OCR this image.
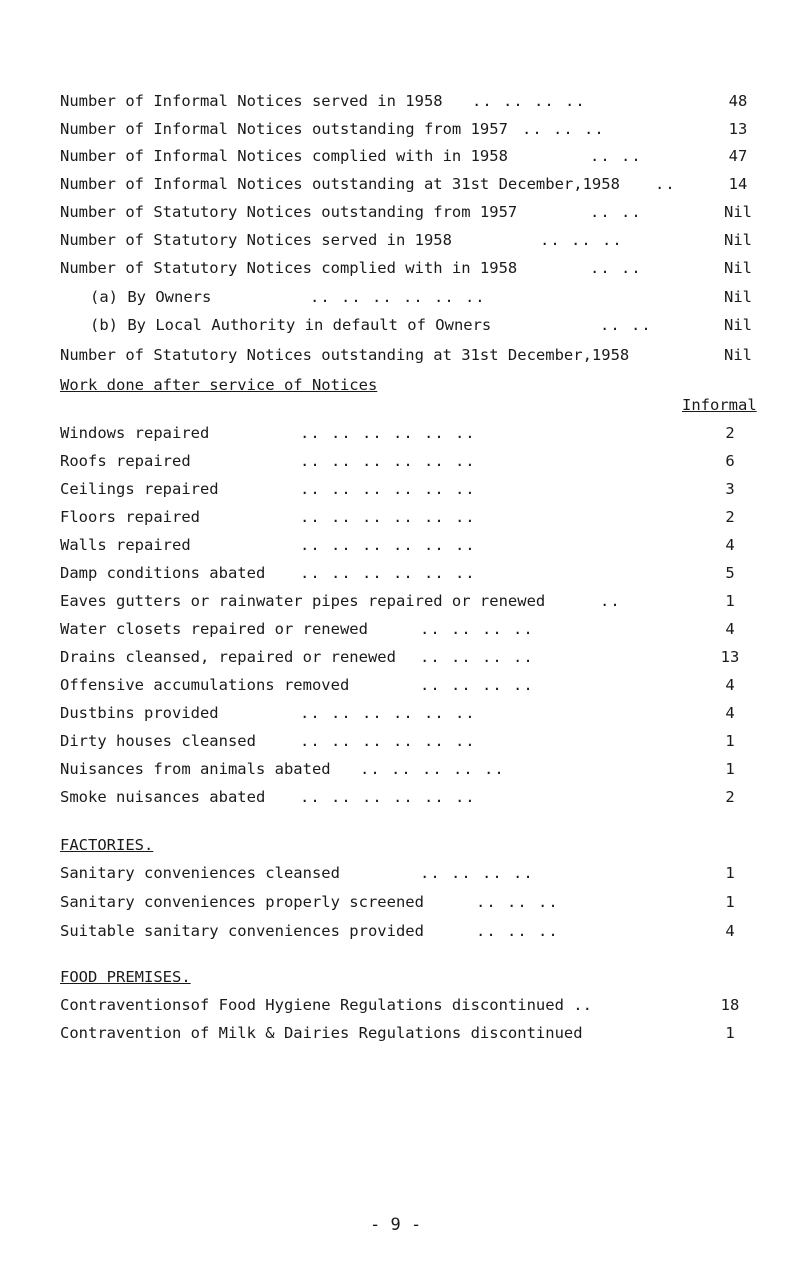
Number of Informal Notices served in 1958 .. .. .. ..	48
Number of Informal Notices outstanding from 1957 .. .. ..	13
Number of Informal Notices complied with in 1958	.. ..	47
Number of Informal Notices outstanding at 31st December,1958 ..	14
Number of Statutory Notices outstanding from 1957	.. ..	Nil
Number of Statutory Notices served in 1958	.. .. ..	Nil
Number of Statutory Notices complied with in 1958	.. ..	Nil
(a) By Owners	.. .. .. .. .. ..	Nil
(b) By Local Authority in default of Owners	.. ..	Nil
Number of Statutory Notices outstanding at 31st December,1958	Nil
Work done after service of Notices
Informal
Windows repaired	.. .. .. .. .. ..	2
Roofs repaired	.. .. .. .. .. ..	6
Ceilings repaired	.. .. .. .. .. ..	3
Floors repaired	.. .. .. .. .. ..	2
Walls repaired	.. .. .. .. .. ..	4
Damp conditions abated .. .. .. .. .. ..	5
Eaves gutters or rainwater pipes repaired or renewed	..	1
Water closets repaired or renewed	.. .. .. ..	4
Drains cleansed, repaired or renewed .. .. .. ..	13
Offensive accumulations removed	.. .. .. ..	4
Dustbins provided	.. .. .. .. .. ..	4
Dirty houses cleansed	.. .. .. .. .. ..	1
Nuisances from animals abated .. .. .. .. ..	1
Smoke nuisances abated .. .. .. .. .. ..	2
FACTORIES.
Sanitary conveniences cleansed	.. .. .. ..	1
Sanitary conveniences properly screened	.. .. ..	1
Suitable sanitary conveniences provided	.. .. ..	4
FOOD PREMISES.
Contraventionsof Food Hygiene Regulations discontinued ..	18
Contravention of Milk & Dairies Regulations discontinued	1
- 9 -
